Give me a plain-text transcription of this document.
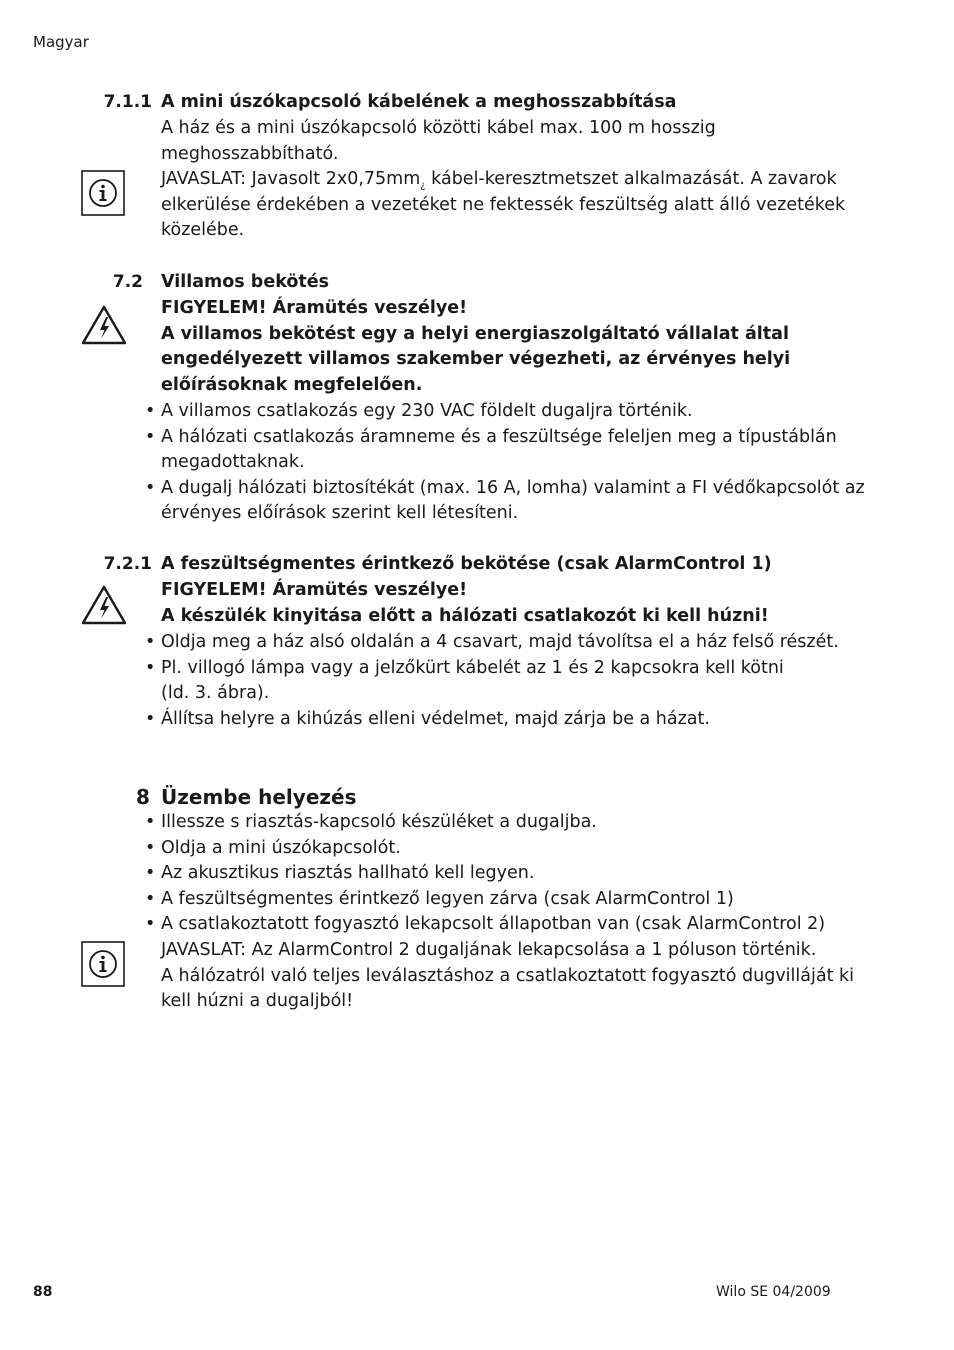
Magyar
7.1.1 A mini úszókapcsoló kábelének a meghosszabbítása
A ház és a mini úszókapcsoló közötti kábel max. 100 m hosszig
meghosszabbítható.
JAVASLAT: Javasolt $2x0,75mm_¿$ kábel-keresztmetszet alkalmazását. A zavarok
elkerülése érdekében a vezetéket ne fektessék feszültség alatt álló vezetékek
közelébe.
7.2 Villamos bekötés
FIGYELEM! Áramütés veszélye!
A villamos bekötést egy a helyi energiaszolgáltató vállalat által
engedélyezett villamos szakember végezheti, az érvényes helyi
előírásoknak megfelelően.
• A villamos csatlakozás egy 230 VAC földelt dugaljra történik.
• A hálózati csatlakozás áramneme és a feszültsége feleljen meg a típustáblán
megadottaknak.
• A dugalj hálózati biztosítékát (max. 16 A, lomha) valamint a FI védőkapcsolót az
érvényes előírások szerint kell létesíteni.
7.2.1 A feszültségmentes érintkező bekötése (csak AlarmControl 1)
FIGYELEM! Áramütés veszélye!
A készülék kinyitása előtt a hálózati csatlakozót ki kell húzni!
• Oldja meg a ház alsó oldalán a 4 csavart, majd távolítsa el a ház felső részét.
• Pl. villogó lámpa vagy a jelzőkürt kábelét az 1 és 2 kapcsokra kell kötni
(ld. 3. ábra).
• Állítsa helyre a kihúzás elleni védelmet, majd zárja be a házat.
8 Üzembe helyezés
• Illessze s riasztás-kapcsoló készüléket a dugaljba.
• Oldja a mini úszókapcsolót.
• Az akusztikus riasztás hallható kell legyen.
• A feszültségmentes érintkező legyen zárva (csak AlarmControl 1)
• A csatlakoztatott fogyasztó lekapcsolt állapotban van (csak AlarmControl 2)
JAVASLAT: Az AlarmControl 2 dugaljának lekapcsolása a 1 póluson történik.
A hálózatról való teljes leválasztáshoz a csatlakoztatott fogyasztó dugvilláját ki
kell húzni a dugaljból!
88	Wilo SE 04/2009
